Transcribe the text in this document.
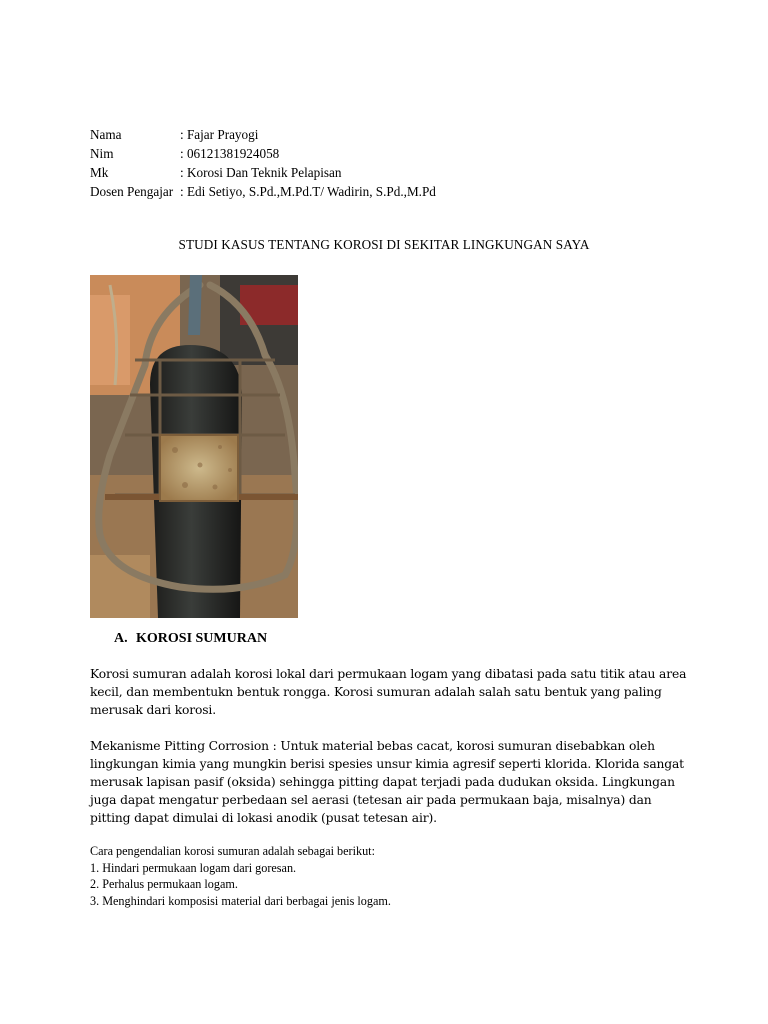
Nama	: Fajar Prayogi
Nim	: 06121381924058
Mk	: Korosi Dan Teknik Pelapisan
Dosen Pengajar : Edi Setiyo, S.Pd.,M.Pd.T/ Wadirin, S.Pd.,M.Pd
STUDI KASUS TENTANG KOROSI DI SEKITAR LINGKUNGAN SAYA
A. KOROSI SUMURAN
Korosi sumuran adalah korosi lokal dari permukaan logam yang dibatasi pada satu titik atau area kecil, dan membentukn bentuk rongga. Korosi sumuran adalah salah satu bentuk yang paling merusak dari korosi.
Mekanisme Pitting Corrosion : Untuk material bebas cacat, korosi sumuran disebabkan oleh lingkungan kimia yang mungkin berisi spesies unsur kimia agresif seperti klorida. Klorida sangat merusak lapisan pasif (oksida) sehingga pitting dapat terjadi pada dudukan oksida. Lingkungan juga dapat mengatur perbedaan sel aerasi (tetesan air pada permukaan baja, misalnya) dan pitting dapat dimulai di lokasi anodik (pusat tetesan air).
Cara pengendalian korosi sumuran adalah sebagai berikut:
1. Hindari permukaan logam dari goresan.
2. Perhalus permukaan logam.
3. Menghindari komposisi material dari berbagai jenis logam.
